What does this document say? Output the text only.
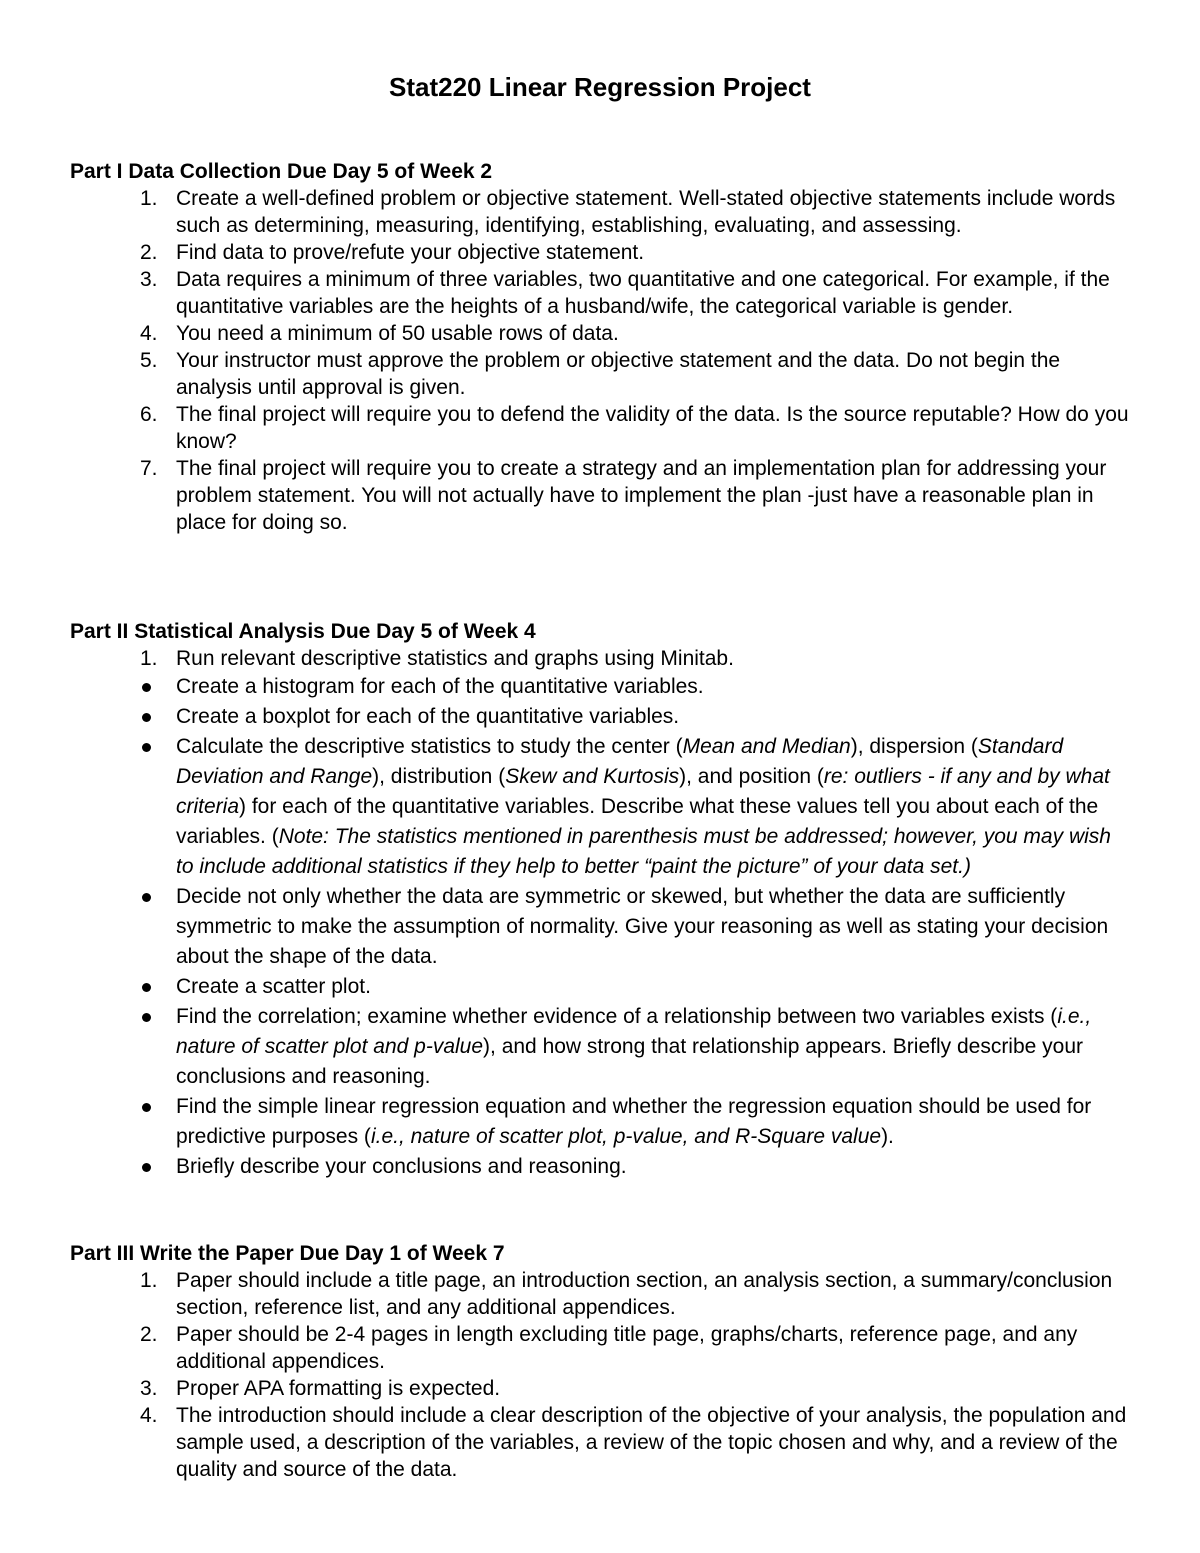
Stat220 Linear Regression Project

Part I Data Collection Due Day 5 of Week 2

1. Create a well-defined problem or objective statement. Well-stated objective statements include words such as determining, measuring, identifying, establishing, evaluating, and assessing.
2. Find data to prove/refute your objective statement.
3. Data requires a minimum of three variables, two quantitative and one categorical. For example, if the quantitative variables are the heights of a husband/wife, the categorical variable is gender.
4. You need a minimum of 50 usable rows of data.
5. Your instructor must approve the problem or objective statement and the data. Do not begin the analysis until approval is given.
6. The final project will require you to defend the validity of the data. Is the source reputable? How do you know?
7. The final project will require you to create a strategy and an implementation plan for addressing your problem statement. You will not actually have to implement the plan -just have a reasonable plan in place for doing so.

Part II Statistical Analysis Due Day 5 of Week 4

1. Run relevant descriptive statistics and graphs using Minitab.
Create a histogram for each of the quantitative variables.
Create a boxplot for each of the quantitative variables.
Calculate the descriptive statistics to study the center (Mean and Median), dispersion (Standard Deviation and Range), distribution (Skew and Kurtosis), and position (re: outliers - if any and by what criteria) for each of the quantitative variables. Describe what these values tell you about each of the variables. (Note: The statistics mentioned in parenthesis must be addressed; however, you may wish to include additional statistics if they help to better “paint the picture” of your data set.)
Decide not only whether the data are symmetric or skewed, but whether the data are sufficiently symmetric to make the assumption of normality. Give your reasoning as well as stating your decision about the shape of the data.
Create a scatter plot.
Find the correlation; examine whether evidence of a relationship between two variables exists (i.e., nature of scatter plot and p-value), and how strong that relationship appears. Briefly describe your conclusions and reasoning.
Find the simple linear regression equation and whether the regression equation should be used for predictive purposes (i.e., nature of scatter plot, p-value, and R-Square value).
Briefly describe your conclusions and reasoning.

Part III Write the Paper Due Day 1 of Week 7

1. Paper should include a title page, an introduction section, an analysis section, a summary/conclusion section, reference list, and any additional appendices.
2. Paper should be 2-4 pages in length excluding title page, graphs/charts, reference page, and any additional appendices.
3. Proper APA formatting is expected.
4. The introduction should include a clear description of the objective of your analysis, the population and sample used, a description of the variables, a review of the topic chosen and why, and a review of the quality and source of the data.
